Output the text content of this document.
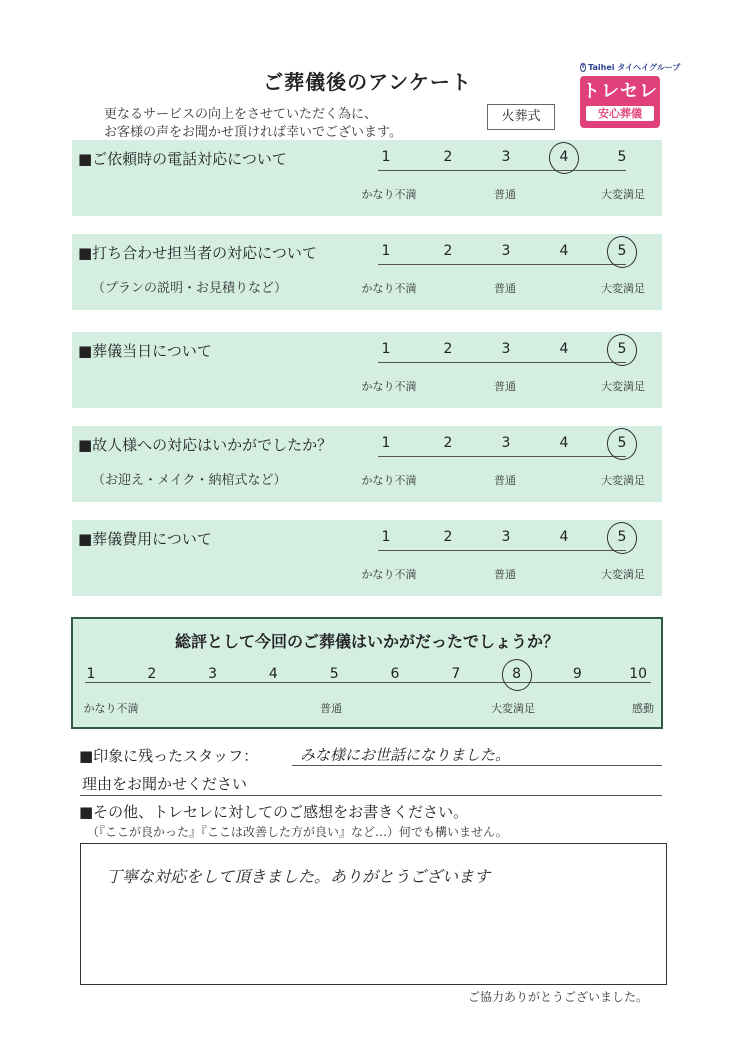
ご葬儀後のアンケート
更なるサービスの向上をさせていただく為に、
お客様の声をお聞かせ頂ければ幸いでございます。
火葬式
T Taihei タイヘイグループ
トレセレ
安心葬儀
■ご依頼時の電話対応について	1	2	3	4	5
かなり不満	普通	大変満足
■打ち合わせ担当者の対応について
（プランの説明・お見積りなど）
1	2	3	4	5
かなり不満	普通	大変満足
■葬儀当日について	1	2	3	4	5
かなり不満	普通	大変満足
■故人様への対応はいかがでしたか？
（お迎え・メイク・納棺式など）
1	2	3	4	5
かなり不満	普通	大変満足
■葬儀費用について	1	2	3	4	5
かなり不満	普通	大変満足
総評として今回のご葬儀はいかがだったでしょうか？
1	2	3	4	5	6	7	8	9	10
かなり不満	普通	大変満足	感動
■印象に残ったスタッフ：	みな様にお世話になりました。
理由をお聞かせください
■その他、トレセレに対してのご感想をお書きください。
（『ここが良かった』『ここは改善した方が良い』など…）何でも構いません。
丁寧な対応をして頂きました。ありがとうございます
ご協力ありがとうございました。
